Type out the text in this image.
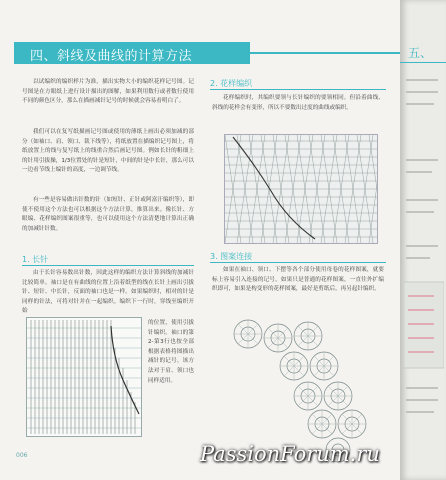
四、斜线及曲线的计算方法
以试编织的编织样片为准，描出实物大小的编织花样记号图。记号图是在方眼纸上进行设计描出的图解，如果利用数行或者数行使用不同的颜色区分，那么在描画减针记号的时候就会容易看明白了。
我们可以在复写纸描画记号图或使用的薄纸上画出必须加减的部分（如袖口、肩、领口、裁下线等），将纸放置在描编织记号图上，将纸放置上的线与复写纸上的线重合然后画记号图。例如长针的粗细上的针用引拔操，1/3位置处的针是短针，中间的针是中长针，那么可以一边看节线上编针的高度，一边调节线。
有一些是容易做出针数的针（如短针、正针或阿富汗编织等），即使不使用这个方法也可以根据这个方法计算，推算出来。像长针、方眼编、花样编织图案很重等，也可以使用这个方法清楚地计算出正确的加减针针数。
1. 长针
由于长针容易数出针数，因此这样的编织方法计算斜线的加减针比较简单。袖口是在有曲线的位置上沿着纸型的线在长针上画出引拔针、短针、中长针，反面的袖口也是一样。如果编织时，相对的针是同样的针法，可将对针并在一起编织。编织下一行时，穿线至编织开始
的位置，使用引拔针编织。袖口的第2-第3行也按全部根据表格将图描出减针的记号。该方法对于肩、领口也同样适用。
2. 花样编织
花样编织时，其编织要领与长针编织的要领相同。但沿着曲线、斜线的花样会有变形，所以不要数出过度的曲线或编织。
3. 图案连接
如果在袖口、领口、下摆等各个部分使用母卷的花样图案，就要标上容易引入连接的记号，如果只是普通的花样图案，一直往外扩编织即可，如果是构变形的花样图案，最好是剪纸后，再另起针编织。
006
五、
PassionForum.ru
